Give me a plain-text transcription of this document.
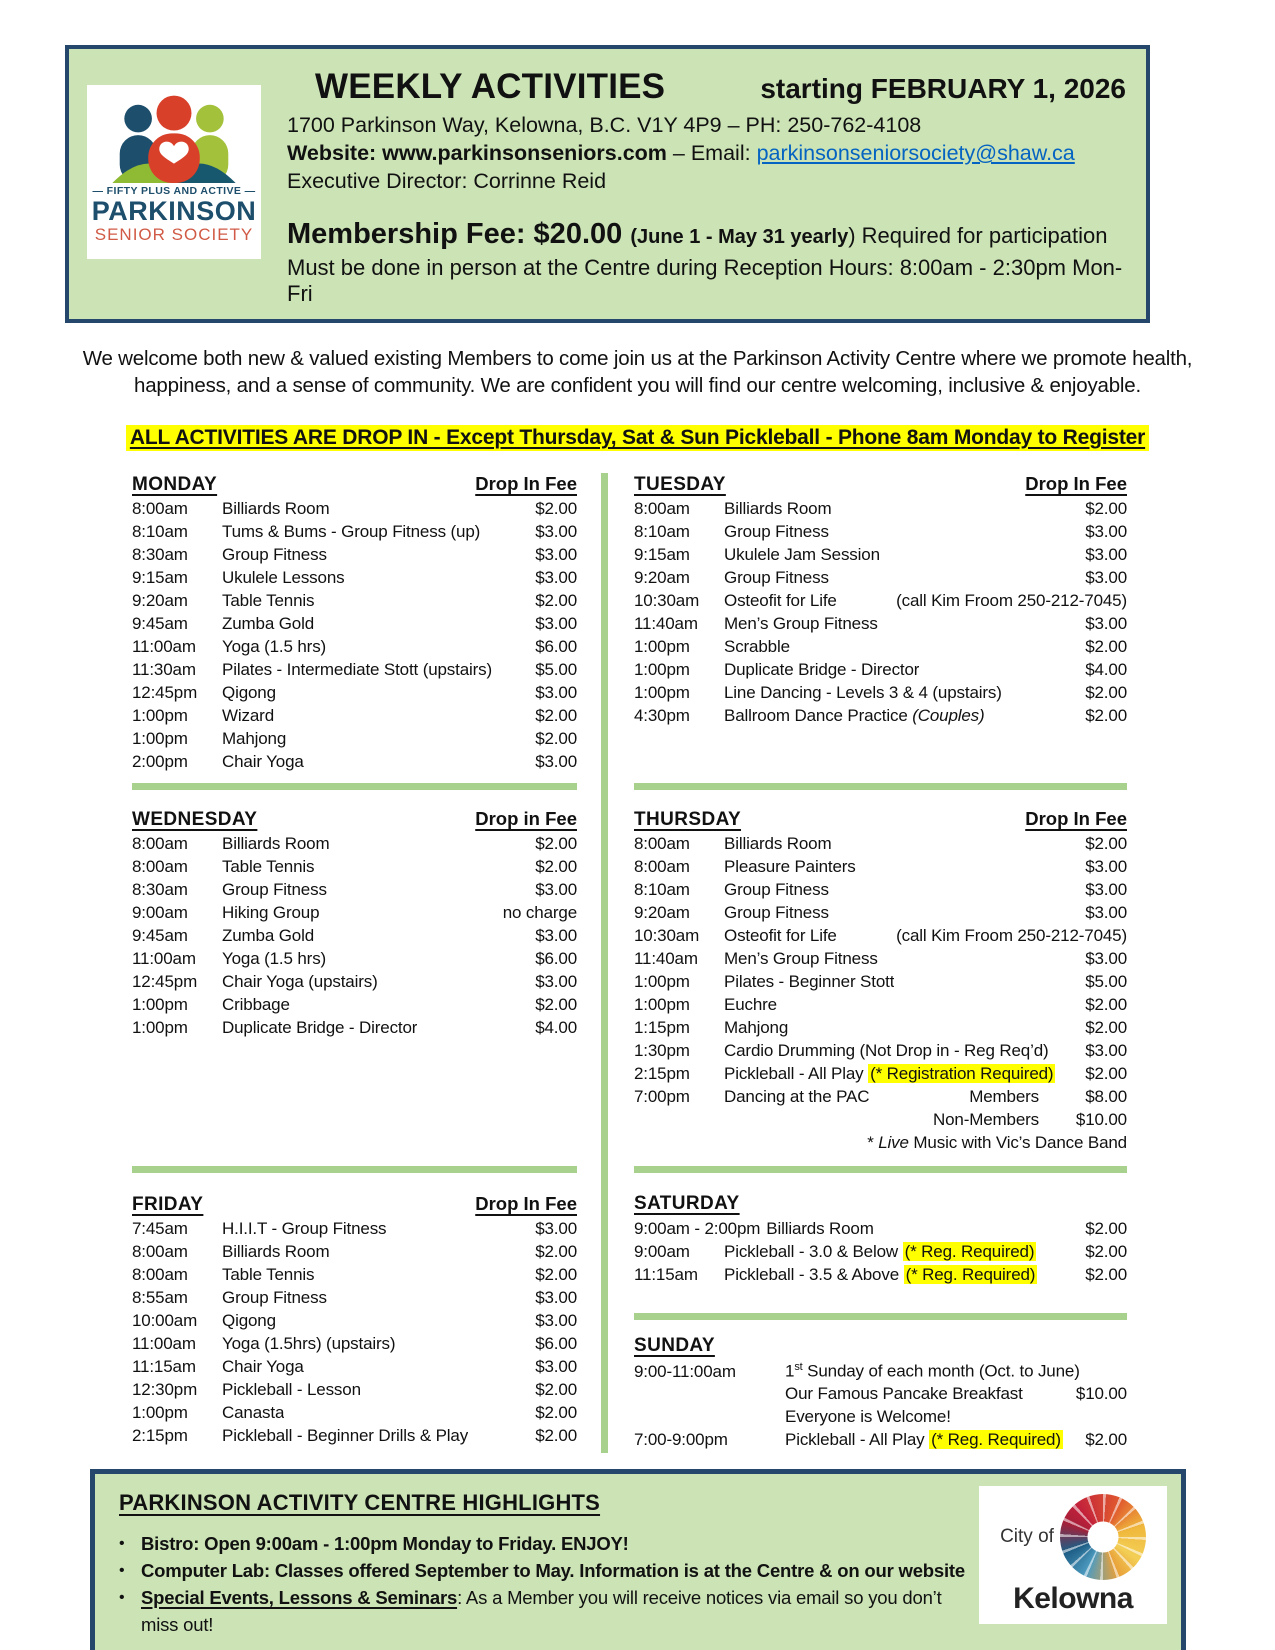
— FIFTY PLUS AND ACTIVE —
PARKINSON
SENIOR SOCIETY
WEEKLY ACTIVITIES	starting FEBRUARY 1, 2026
1700 Parkinson Way, Kelowna, B.C. V1Y 4P9 – PH: 250-762-4108
Website: www.parkinsonseniors.com – Email: parkinsonseniorsociety@shaw.ca
Executive Director: Corrinne Reid
Membership Fee: $20.00 (June 1 - May 31 yearly) Required for participation
Must be done in person at the Centre during Reception Hours: 8:00am - 2:30pm Mon-Fri
We welcome both new & valued existing Members to come join us at the Parkinson Activity Centre where we promote health,
happiness, and a sense of community. We are confident you will find our centre welcoming, inclusive & enjoyable.
ALL ACTIVITIES ARE DROP IN - Except Thursday, Sat & Sun Pickleball - Phone 8am Monday to Register
MONDAY	Drop In Fee
8:00am	Billiards Room	$2.00
8:10am	Tums & Bums - Group Fitness (up)	$3.00
8:30am	Group Fitness	$3.00
9:15am	Ukulele Lessons	$3.00
9:20am	Table Tennis	$2.00
9:45am	Zumba Gold	$3.00
11:00am	Yoga (1.5 hrs)	$6.00
11:30am	Pilates - Intermediate Stott (upstairs)	$5.00
12:45pm	Qigong	$3.00
1:00pm	Wizard	$2.00
1:00pm	Mahjong	$2.00
2:00pm	Chair Yoga	$3.00
WEDNESDAY	Drop in Fee
8:00am	Billiards Room	$2.00
8:00am	Table Tennis	$2.00
8:30am	Group Fitness	$3.00
9:00am	Hiking Group	no charge
9:45am	Zumba Gold	$3.00
11:00am	Yoga (1.5 hrs)	$6.00
12:45pm	Chair Yoga (upstairs)	$3.00
1:00pm	Cribbage	$2.00
1:00pm	Duplicate Bridge - Director	$4.00
FRIDAY	Drop In Fee
7:45am	H.I.I.T - Group Fitness	$3.00
8:00am	Billiards Room	$2.00
8:00am	Table Tennis	$2.00
8:55am	Group Fitness	$3.00
10:00am	Qigong	$3.00
11:00am	Yoga (1.5hrs) (upstairs)	$6.00
11:15am	Chair Yoga	$3.00
12:30pm	Pickleball - Lesson	$2.00
1:00pm	Canasta	$2.00
2:15pm	Pickleball - Beginner Drills & Play	$2.00
TUESDAY	Drop In Fee
8:00am	Billiards Room	$2.00
8:10am	Group Fitness	$3.00
9:15am	Ukulele Jam Session	$3.00
9:20am	Group Fitness	$3.00
10:30am	Osteofit for Life	(call Kim Froom 250-212-7045)
11:40am	Men’s Group Fitness	$3.00
1:00pm	Scrabble	$2.00
1:00pm	Duplicate Bridge - Director	$4.00
1:00pm	Line Dancing - Levels 3 & 4 (upstairs)	$2.00
4:30pm	Ballroom Dance Practice (Couples)	$2.00
THURSDAY	Drop In Fee
8:00am	Billiards Room	$2.00
8:00am	Pleasure Painters	$3.00
8:10am	Group Fitness	$3.00
9:20am	Group Fitness	$3.00
10:30am	Osteofit for Life	(call Kim Froom 250-212-7045)
11:40am	Men’s Group Fitness	$3.00
1:00pm	Pilates - Beginner Stott	$5.00
1:00pm	Euchre	$2.00
1:15pm	Mahjong	$2.00
1:30pm	Cardio Drumming (Not Drop in - Reg Req’d)	$3.00
2:15pm	Pickleball - All Play (* Registration Required)	$2.00
7:00pm	Dancing at the PAC	Members	$8.00
Non-Members $10.00
* Live Music with Vic’s Dance Band
SATURDAY
9:00am - 2:00pm Billiards Room	$2.00
9:00am	Pickleball - 3.0 & Below (* Reg. Required)	$2.00
11:15am	Pickleball - 3.5 & Above (* Reg. Required)	$2.00
SUNDAY
9:00-11:00am	1st Sunday of each month (Oct. to June)
Our Famous Pancake Breakfast	$10.00
Everyone is Welcome!
7:00-9:00pm	Pickleball - All Play (* Reg. Required)	$2.00
PARKINSON ACTIVITY CENTRE HIGHLIGHTS
• Bistro: Open 9:00am - 1:00pm Monday to Friday. ENJOY!
• Computer Lab: Classes offered September to May. Information is at the Centre & on our website
• Special Events, Lessons & Seminars: As a Member you will receive notices via email so you don’t miss out!
City of
Kelowna
